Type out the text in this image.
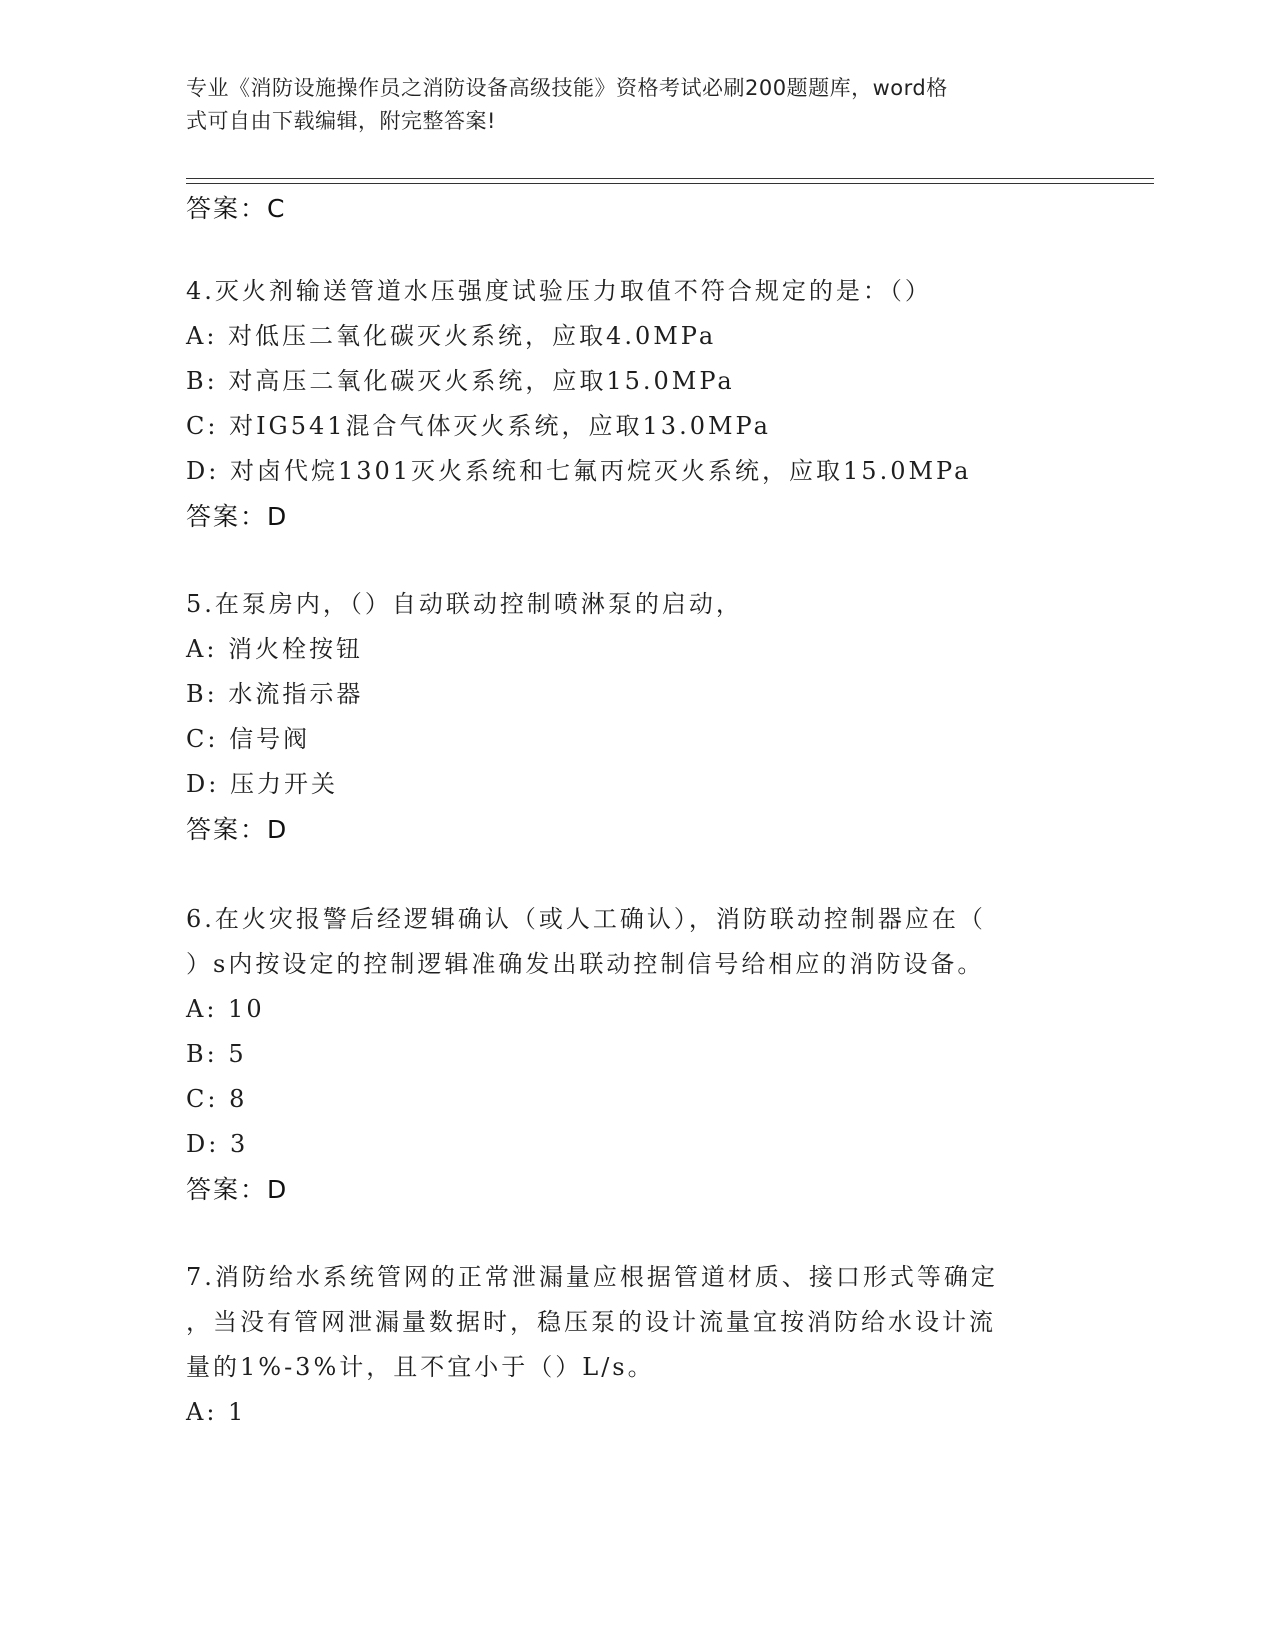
专业《消防设施操作员之消防设备高级技能》资格考试必刷200题题库，word格
式可自由下载编辑，附完整答案!
答案：C
4.灭火剂输送管道水压强度试验压力取值不符合规定的是：（）
A: 对低压二氧化碳灭火系统，应取4.0MPa
B: 对高压二氧化碳灭火系统，应取15.0MPa
C: 对IG541混合气体灭火系统，应取13.0MPa
D: 对卤代烷1301灭火系统和七氟丙烷灭火系统，应取15.0MPa
答案：D
5.在泵房内，（）自动联动控制喷淋泵的启动，
A: 消火栓按钮
B: 水流指示器
C: 信号阀
D: 压力开关
答案：D
6.在火灾报警后经逻辑确认（或人工确认），消防联动控制器应在（
）s内按设定的控制逻辑准确发出联动控制信号给相应的消防设备。
A: 10
B: 5
C: 8
D: 3
答案：D
7.消防给水系统管网的正常泄漏量应根据管道材质、接口形式等确定
，当没有管网泄漏量数据时，稳压泵的设计流量宜按消防给水设计流
量的1%-3%计，且不宜小于（）L/s。
A: 1
